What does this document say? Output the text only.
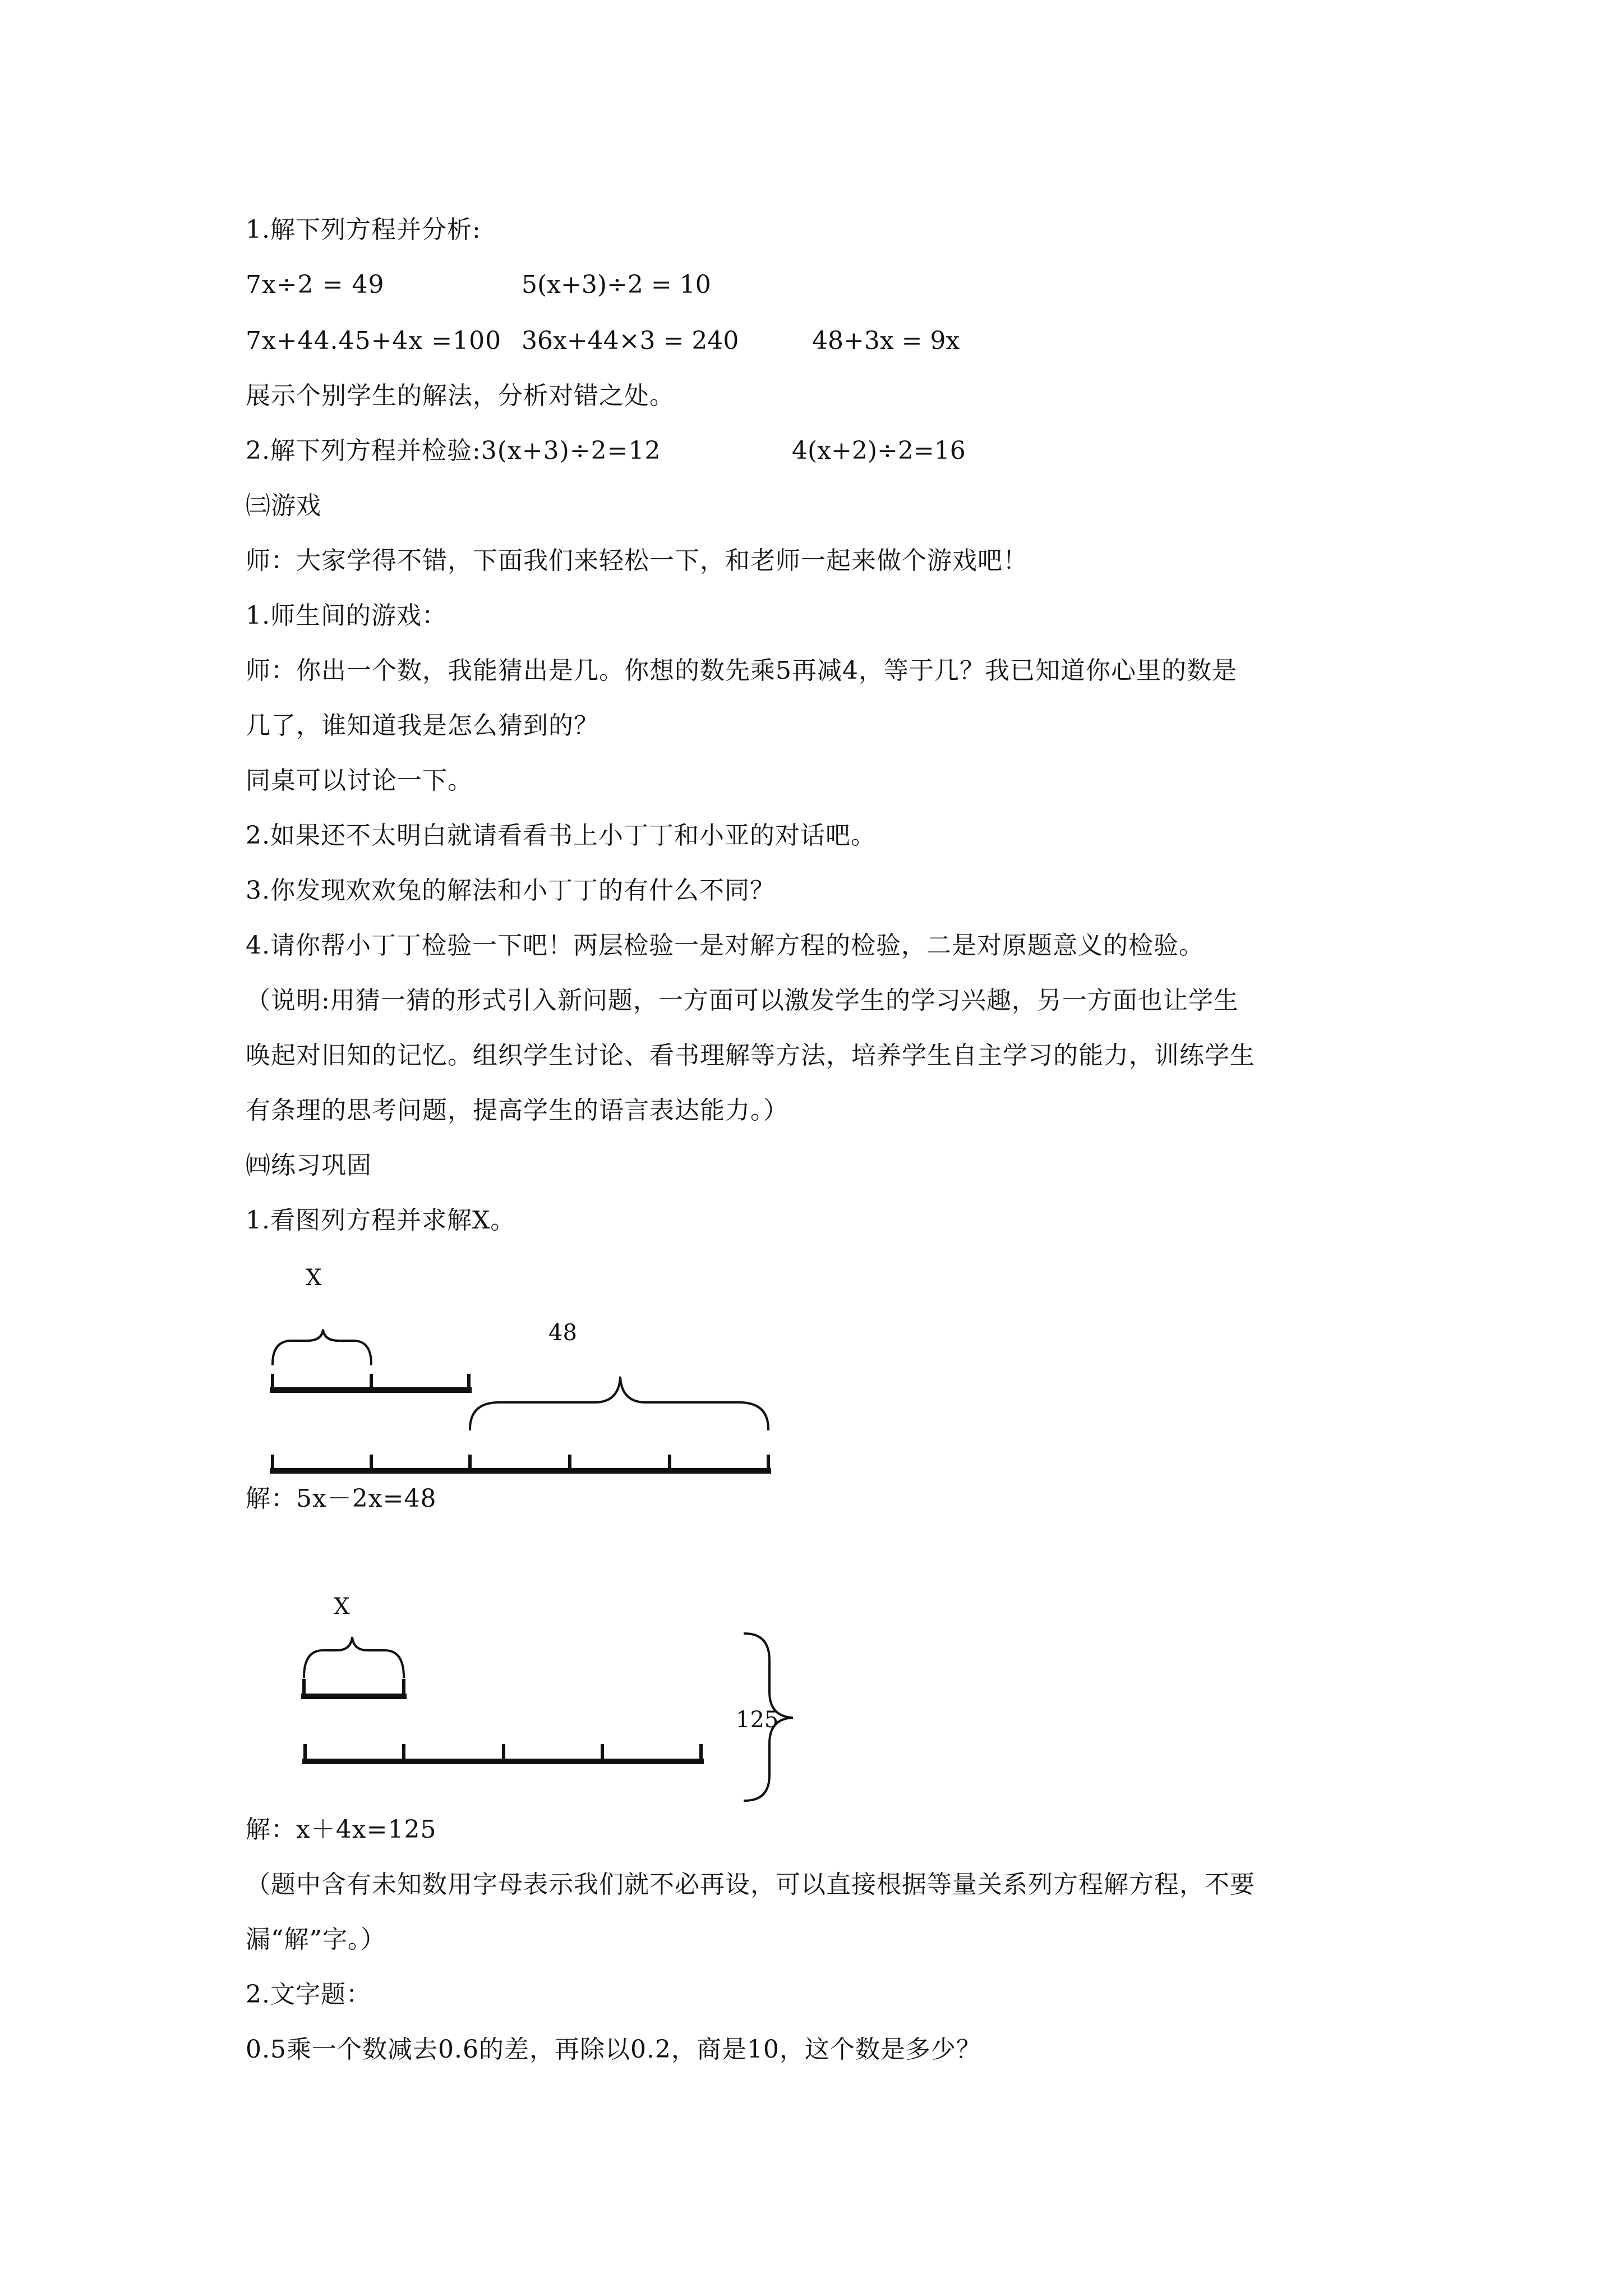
1.解下列方程并分析:
7x÷2 = 49	5(x+3)÷2 = 10
7x+44.45+4x =100 36x+44×3 = 240	48+3x = 9x
展示个别学生的解法，分析对错之处。
2.解下列方程并检验:3(x+3)÷2=12	4(x+2)÷2=16
㈢游戏
师：大家学得不错，下面我们来轻松一下，和老师一起来做个游戏吧！
1.师生间的游戏：
师：你出一个数，我能猜出是几。你想的数先乘5再减4，等于几？我已知道你心里的数是
几了，谁知道我是怎么猜到的？
同桌可以讨论一下。
2.如果还不太明白就请看看书上小丁丁和小亚的对话吧。
3.你发现欢欢兔的解法和小丁丁的有什么不同？
4.请你帮小丁丁检验一下吧！两层检验一是对解方程的检验，二是对原题意义的检验。
（说明:用猜一猜的形式引入新问题，一方面可以激发学生的学习兴趣，另一方面也让学生
唤起对旧知的记忆。组织学生讨论、看书理解等方法，培养学生自主学习的能力，训练学生
有条理的思考问题，提高学生的语言表达能力。）
㈣练习巩固
1.看图列方程并求解X。
X
48
X
125
解：5x－2x=48
解：x＋4x=125
（题中含有未知数用字母表示我们就不必再设，可以直接根据等量关系列方程解方程，不要
漏“解”字。）
2.文字题：
0.5乘一个数减去0.6的差，再除以0.2，商是10，这个数是多少？
